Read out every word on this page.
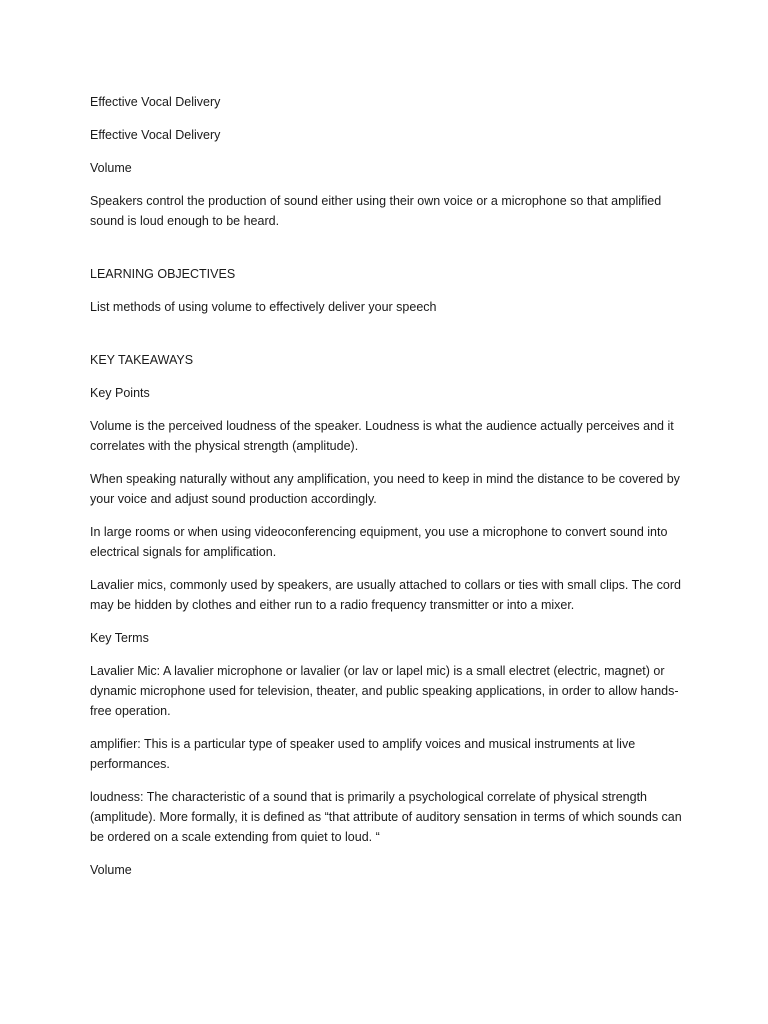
Effective Vocal Delivery

Effective Vocal Delivery

Volume

Speakers control the production of sound either using their own voice or a microphone so that amplified sound is loud enough to be heard.

LEARNING OBJECTIVES

List methods of using volume to effectively deliver your speech

KEY TAKEAWAYS

Key Points

Volume is the perceived loudness of the speaker. Loudness is what the audience actually perceives and it correlates with the physical strength (amplitude).

When speaking naturally without any amplification, you need to keep in mind the distance to be covered by your voice and adjust sound production accordingly.

In large rooms or when using videoconferencing equipment, you use a microphone to convert sound into electrical signals for amplification.

Lavalier mics, commonly used by speakers, are usually attached to collars or ties with small clips. The cord may be hidden by clothes and either run to a radio frequency transmitter or into a mixer.

Key Terms

Lavalier Mic: A lavalier microphone or lavalier (or lav or lapel mic) is a small electret (electric, magnet) or dynamic microphone used for television, theater, and public speaking applications, in order to allow hands-free operation.

amplifier: This is a particular type of speaker used to amplify voices and musical instruments at live performances.

loudness: The characteristic of a sound that is primarily a psychological correlate of physical strength (amplitude). More formally, it is defined as “that attribute of auditory sensation in terms of which sounds can be ordered on a scale extending from quiet to loud. “

Volume
